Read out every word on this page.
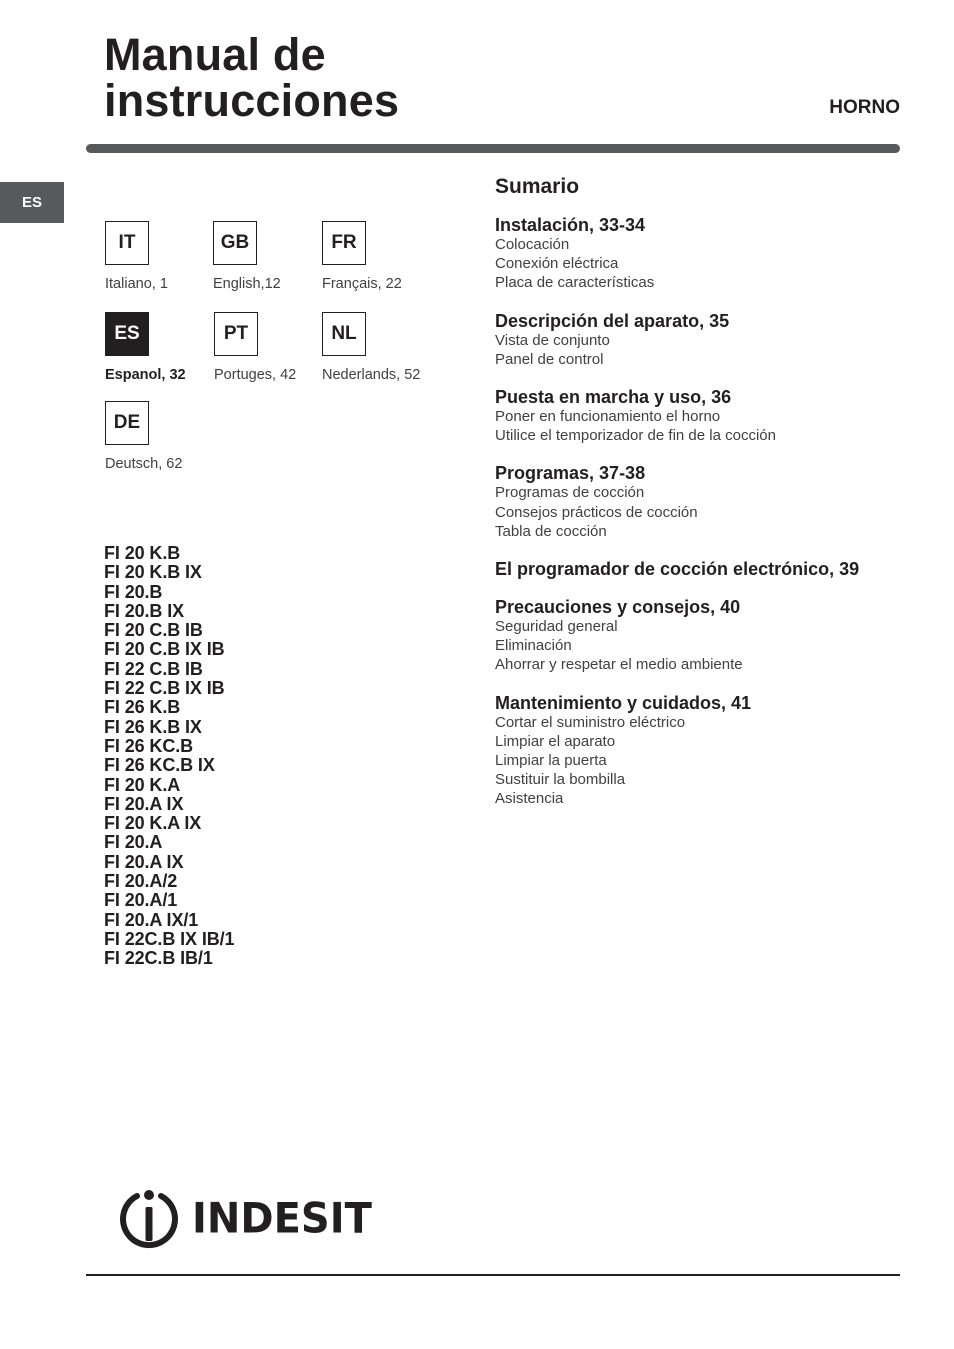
Manual de
instrucciones	HORNO
ES
IT
Italiano, 1
GB
English,12
FR
Français, 22
ES
Espanol, 32
PT
Portuges, 42
NL
Nederlands, 52
DE
Deutsch, 62
FI 20 K.B
FI 20 K.B IX
FI 20.B
FI 20.B IX
FI 20 C.B IB
FI 20 C.B IX IB
FI 22 C.B IB
FI 22 C.B IX IB
FI 26 K.B
FI 26 K.B IX
FI 26 KC.B
FI 26 KC.B IX
FI 20 K.A
FI 20.A IX
FI 20 K.A IX
FI 20.A
FI 20.A IX
FI 20.A/2
FI 20.A/1
FI 20.A IX/1
FI 22C.B IX IB/1
FI 22C.B IB/1
Sumario
Instalación, 33-34
Colocación
Conexión eléctrica
Placa de características
Descripción del aparato, 35
Vista de conjunto
Panel de control
Puesta en marcha y uso, 36
Poner en funcionamiento el horno
Utilice el temporizador de fin de la cocción
Programas, 37-38
Programas de cocción
Consejos prácticos de cocción
Tabla de cocción
El programador de cocción electrónico, 39
Precauciones y consejos, 40
Seguridad general
Eliminación
Ahorrar y respetar el medio ambiente
Mantenimiento y cuidados, 41
Cortar el suministro eléctrico
Limpiar el aparato
Limpiar la puerta
Sustituir la bombilla
Asistencia
INDESIT
